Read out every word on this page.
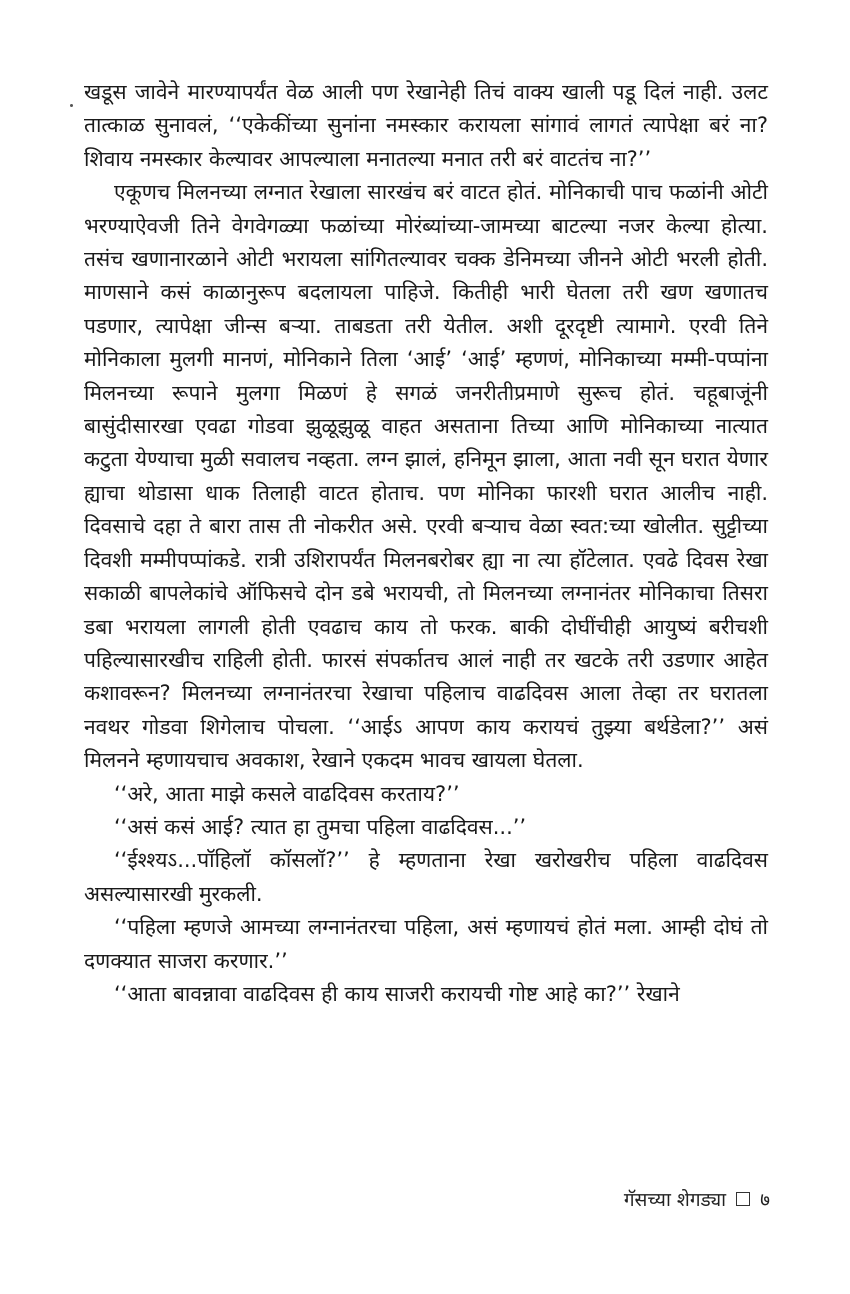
खडूस जावेने मारण्यापर्यंत वेळ आली पण रेखानेही तिचं वाक्य खाली पडू दिलं नाही. उलट तात्काळ सुनावलं, ‘‘एकेकींच्या सुनांना नमस्कार करायला सांगावं लागतं त्यापेक्षा बरं ना? शिवाय नमस्कार केल्यावर आपल्याला मनातल्या मनात तरी बरं वाटतंच ना?’’

एकूणच मिलनच्या लग्नात रेखाला सारखंच बरं वाटत होतं. मोनिकाची पाच फळांनी ओटी भरण्याऐवजी तिने वेगवेगळ्या फळांच्या मोरंब्यांच्या-जामच्या बाटल्या नजर केल्या होत्या. तसंच खणानारळाने ओटी भरायला सांगितल्यावर चक्क डेनिमच्या जीनने ओटी भरली होती. माणसाने कसं काळानुरूप बदलायला पाहिजे. कितीही भारी घेतला तरी खण खणातच पडणार, त्यापेक्षा जीन्स बऱ्या. ताबडता तरी येतील. अशी दूरदृष्टी त्यामागे. एरवी तिने मोनिकाला मुलगी मानणं, मोनिकाने तिला ‘आई’ ‘आई’ म्हणणं, मोनिकाच्या मम्मी-पप्पांना मिलनच्या रूपाने मुलगा मिळणं हे सगळं जनरीतीप्रमाणे सुरूच होतं. चहूबाजूंनी बासुंदीसारखा एवढा गोडवा झुळूझुळू वाहत असताना तिच्या आणि मोनिकाच्या नात्यात कटुता येण्याचा मुळी सवालच नव्हता. लग्न झालं, हनिमून झाला, आता नवी सून घरात येणार ह्याचा थोडासा धाक तिलाही वाटत होताच. पण मोनिका फारशी घरात आलीच नाही. दिवसाचे दहा ते बारा तास ती नोकरीत असे. एरवी बऱ्याच वेळा स्वत:च्या खोलीत. सुट्टीच्या दिवशी मम्मीपप्पांकडे. रात्री उशिरापर्यंत मिलनबरोबर ह्या ना त्या हॉटेलात. एवढे दिवस रेखा सकाळी बापलेकांचे ऑफिसचे दोन डबे भरायची, तो मिलनच्या लग्नानंतर मोनिकाचा तिसरा डबा भरायला लागली होती एवढाच काय तो फरक. बाकी दोघींचीही आयुष्यं बरीचशी पहिल्यासारखीच राहिली होती. फारसं संपर्कातच आलं नाही तर खटके तरी उडणार आहेत कशावरून? मिलनच्या लग्नानंतरचा रेखाचा पहिलाच वाढदिवस आला तेव्हा तर घरातला नवथर गोडवा शिगेलाच पोचला. ‘‘आईऽ आपण काय करायचं तुझ्या बर्थडेला?’’ असं मिलनने म्हणायचाच अवकाश, रेखाने एकदम भावच खायला घेतला.

‘‘अरे, आता माझे कसले वाढदिवस करताय?’’

‘‘असं कसं आई? त्यात हा तुमचा पहिला वाढदिवस...’’

‘‘ईश्श्यऽ...पॉहिलॉ कॉसलॉ?’’ हे म्हणताना रेखा खरोखरीच पहिला वाढदिवस असल्यासारखी मुरकली.

‘‘पहिला म्हणजे आमच्या लग्नानंतरचा पहिला, असं म्हणायचं होतं मला. आम्ही दोघं तो दणक्यात साजरा करणार.’’

‘‘आता बावन्नावा वाढदिवस ही काय साजरी करायची गोष्ट आहे का?’’ रेखाने

गॅसच्या शेगड्या ७
